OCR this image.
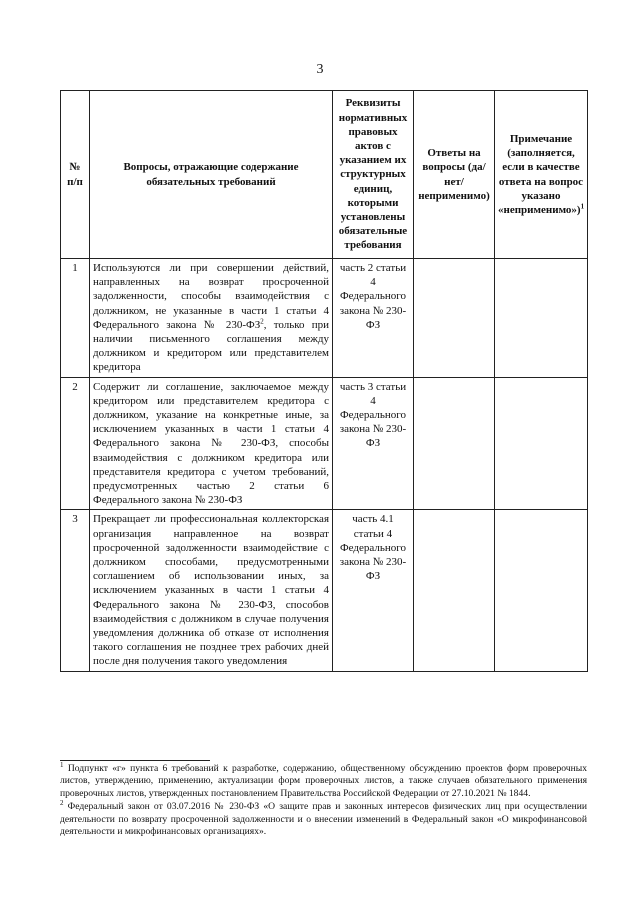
3
№ п/п	Вопросы, отражающие содержание обязательных требований	Реквизиты нормативных правовых актов с указанием их структурных единиц, которыми установлены обязательные требования	Ответы на вопросы (да/нет/ неприменимо)	Примечание (заполняется, если в качестве ответа на вопрос указано «неприменимо»)$^1$
1	Используются ли при совершении действий, направленных на возврат просроченной задолженности, способы взаимодействия с должником, не указанные в части 1 статьи 4 Федерального закона № $230-ФЗ^2$, только при наличии письменного соглашения между должником и кредитором или представителем кредитора	часть 2 статьи 4 Федерального закона № 230-ФЗ		
2	Содержит ли соглашение, заключаемое между кредитором или представителем кредитора с должником, указание на конкретные иные, за исключением указанных в части 1 статьи 4 Федерального закона № 230-ФЗ, способы взаимодействия с должником кредитора или представителя кредитора с учетом требований, предусмотренных частью 2 статьи 6 Федерального закона № 230-ФЗ	часть 3 статьи 4 Федерального закона № 230-ФЗ		
3	Прекращает ли профессиональная коллекторская организация направленное на возврат просроченной задолженности взаимодействие с должником способами, предусмотренными соглашением об использовании иных, за исключением указанных в части 1 статьи 4 Федерального закона № 230-ФЗ, способов взаимодействия с должником в случае получения уведомления должника об отказе от исполнения такого соглашения не позднее трех рабочих дней после дня получения такого уведомления	часть 4.1 статьи 4 Федерального закона № 230-ФЗ		

$^1$ Подпункт «г» пункта 6 требований к разработке, содержанию, общественному обсуждению проектов форм проверочных листов, утверждению, применению, актуализации форм проверочных листов, а также случаев обязательного применения проверочных листов, утвержденных постановлением Правительства Российской Федерации от 27.10.2021 № 1844.

$^2$ Федеральный закон от 03.07.2016 № 230-ФЗ «О защите прав и законных интересов физических лиц при осуществлении деятельности по возврату просроченной задолженности и о внесении изменений в Федеральный закон «О микрофинансовой деятельности и микрофинансовых организациях».
